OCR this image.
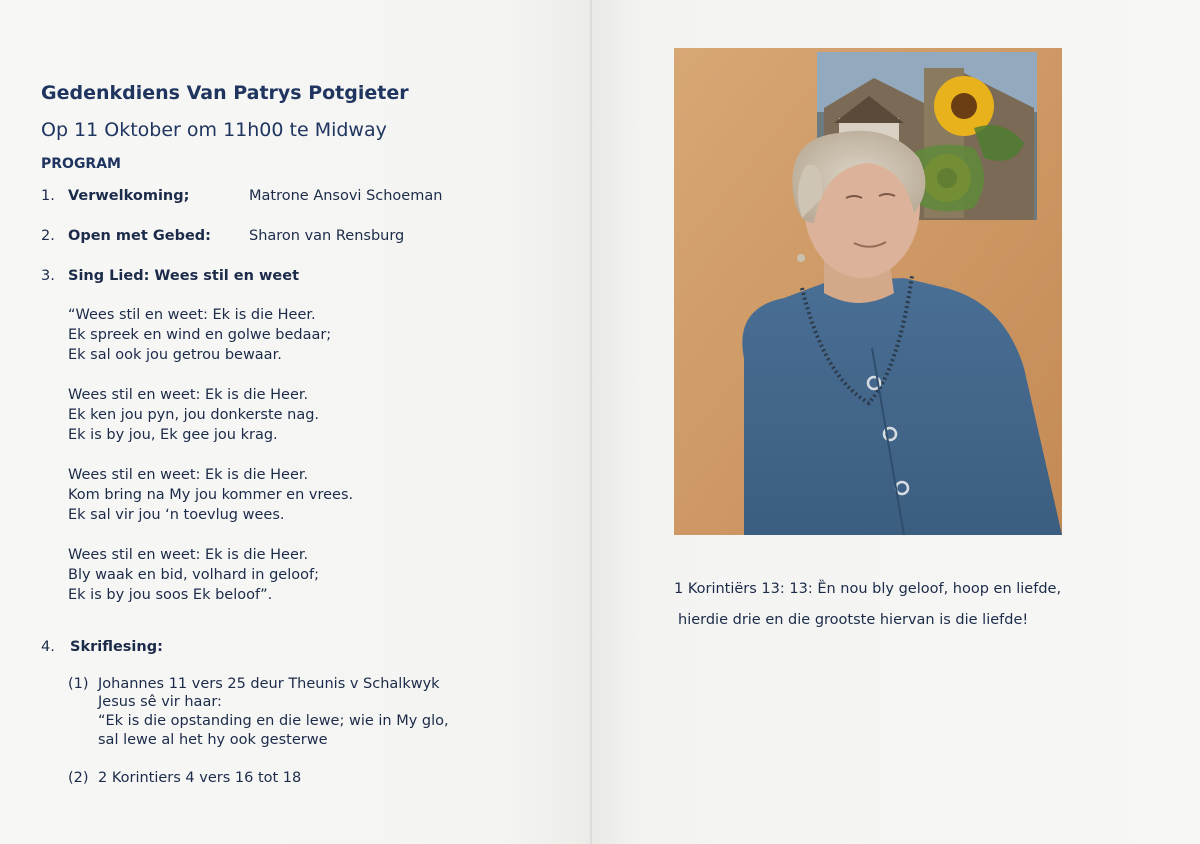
Gedenkdiens Van Patrys Potgieter
Op 11 Oktober om 11h00 te Midway
PROGRAM
1. Verwelkoming;	Matrone Ansovi Schoeman
2. Open met Gebed:	Sharon van Rensburg
3. Sing Lied: Wees stil en weet
“Wees stil en weet: Ek is die Heer.
Ek spreek en wind en golwe bedaar;
Ek sal ook jou getrou bewaar.
Wees stil en weet: Ek is die Heer.
Ek ken jou pyn, jou donkerste nag.
Ek is by jou, Ek gee jou krag.
Wees stil en weet: Ek is die Heer.
Kom bring na My jou kommer en vrees.
Ek sal vir jou ‘n toevlug wees.
Wees stil en weet: Ek is die Heer.
Bly waak en bid, volhard in geloof;
Ek is by jou soos Ek beloof”.
4. Skriflesing:
(1) Johannes 11 vers 25 deur Theunis v Schalkwyk
Jesus sê vir haar:
“Ek is die opstanding en die lewe; wie in My glo,
sal lewe al het hy ook gesterwe
(2) 2 Korintiers 4 vers 16 tot 18
1 Korintiërs 13: 13: Ȅn nou bly geloof, hoop en liefde,
hierdie drie en die grootste hiervan is die liefde!
